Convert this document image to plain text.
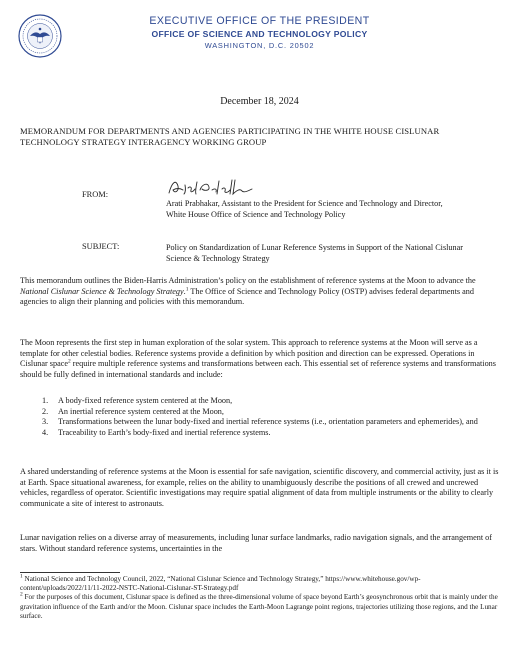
EXECUTIVE OFFICE OF THE PRESIDENT
OFFICE OF SCIENCE AND TECHNOLOGY POLICY
WASHINGTON, D.C. 20502
December 18, 2024
MEMORANDUM FOR DEPARTMENTS AND AGENCIES PARTICIPATING IN THE WHITE HOUSE CISLUNAR TECHNOLOGY STRATEGY INTERAGENCY WORKING GROUP
FROM:
Arati Prabhakar, Assistant to the President for Science and Technology and Director, White House Office of Science and Technology Policy
SUBJECT:	Policy on Standardization of Lunar Reference Systems in Support of the National Cislunar Science & Technology Strategy

This memorandum outlines the Biden-Harris Administration’s policy on the establishment of reference systems at the Moon to advance the National Cislunar Science & Technology Strategy.$^1$ The Office of Science and Technology Policy (OSTP) advises federal departments and agencies to align their planning and policies with this memorandum.

The Moon represents the first step in human exploration of the solar system. This approach to reference systems at the Moon will serve as a template for other celestial bodies. Reference systems provide a definition by which position and direction can be expressed. Operations in Cislunar space$^2$ require multiple reference systems and transformations between each. This essential set of reference systems and transformations should be fully defined in international standards and include:

1. A body-fixed reference system centered at the Moon,
2. An inertial reference system centered at the Moon,
3. Transformations between the lunar body-fixed and inertial reference systems (i.e., orientation parameters and ephemerides), and
4. Traceability to Earth’s body-fixed and inertial reference systems.

A shared understanding of reference systems at the Moon is essential for safe navigation, scientific discovery, and commercial activity, just as it is at Earth. Space situational awareness, for example, relies on the ability to unambiguously describe the positions of all crewed and uncrewed vehicles, regardless of operator. Scientific investigations may require spatial alignment of data from multiple instruments or the ability to clearly communicate a site of interest to astronauts.

Lunar navigation relies on a diverse array of measurements, including lunar surface landmarks, radio navigation signals, and the arrangement of stars. Without standard reference systems, uncertainties in the

$^1$ National Science and Technology Council, 2022, “National Cislunar Science and Technology Strategy,” https://www.whitehouse.gov/wp-content/uploads/2022/11/11-2022-NSTC-National-Cislunar-ST-Strategy.pdf
$^2$ For the purposes of this document, Cislunar space is defined as the three-dimensional volume of space beyond Earth’s geosynchronous orbit that is mainly under the gravitation influence of the Earth and/or the Moon. Cislunar space includes the Earth-Moon Lagrange point regions, trajectories utilizing those regions, and the Lunar surface.
